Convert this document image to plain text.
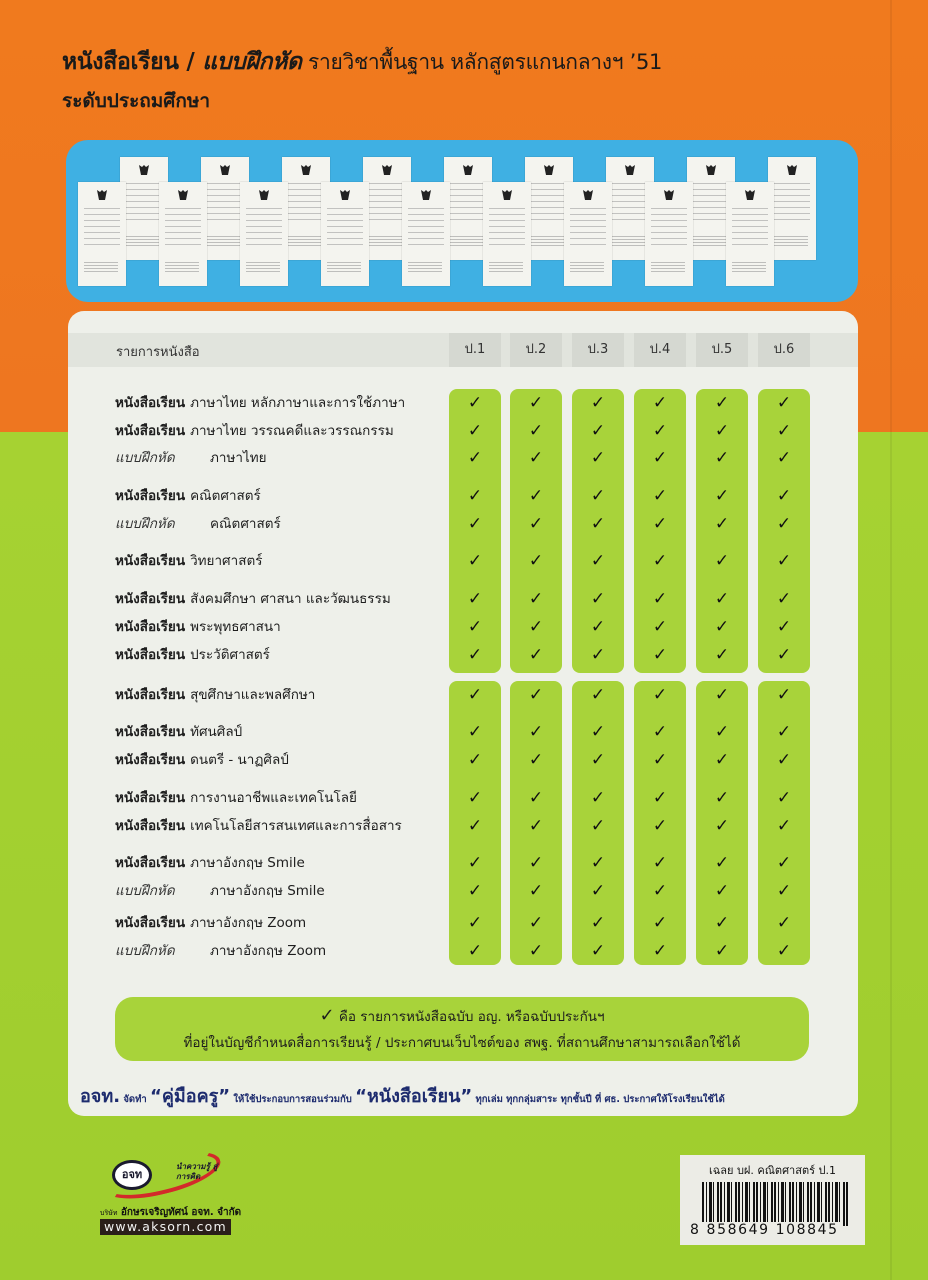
หนังสือเรียน / แบบฝึกหัด รายวิชาพื้นฐาน หลักสูตรแกนกลางฯ ’51
ระดับประถมศึกษา
รายการหนังสือ	ป.1	ป.2	ป.3	ป.4	ป.5	ป.6
✓ คือ รายการหนังสือฉบับ อญ. หรือฉบับประกันฯ
ที่อยู่ในบัญชีกำหนดสื่อการเรียนรู้ / ประกาศบนเว็บไซต์ของ สพฐ. ที่สถานศึกษาสามารถเลือกใช้ได้
อจท. จัดทำ “คู่มือครู” ให้ใช้ประกอบการสอนร่วมกับ “หนังสือเรียน” ทุกเล่ม ทุกกลุ่มสาระ ทุกชั้นปี ที่ ศธ. ประกาศให้โรงเรียนใช้ได้
หนังสือเรียน ภาษาไทย หลักภาษาและการใช้ภาษา	✓	✓	✓	✓	✓	✓
หนังสือเรียน ภาษาไทย วรรณคดีและวรรณกรรม	✓	✓	✓	✓	✓	✓
แบบฝึกหัด	ภาษาไทย	✓	✓	✓	✓	✓	✓
หนังสือเรียน คณิตศาสตร์	✓	✓	✓	✓	✓	✓
แบบฝึกหัด	คณิตศาสตร์	✓	✓	✓	✓	✓	✓
หนังสือเรียน วิทยาศาสตร์	✓	✓	✓	✓	✓	✓
หนังสือเรียน สังคมศึกษา ศาสนา และวัฒนธรรม	✓	✓	✓	✓	✓	✓
หนังสือเรียน พระพุทธศาสนา	✓	✓	✓	✓	✓	✓
หนังสือเรียน ประวัติศาสตร์	✓	✓	✓	✓	✓	✓
หนังสือเรียน สุขศึกษาและพลศึกษา	✓	✓	✓	✓	✓	✓
หนังสือเรียน ทัศนศิลป์	✓	✓	✓	✓	✓	✓
หนังสือเรียน ดนตรี - นาฏศิลป์	✓	✓	✓	✓	✓	✓
หนังสือเรียน การงานอาชีพและเทคโนโลยี	✓	✓	✓	✓	✓	✓
หนังสือเรียน เทคโนโลยีสารสนเทศและการสื่อสาร	✓	✓	✓	✓	✓	✓
หนังสือเรียน ภาษาอังกฤษ Smile	✓	✓	✓	✓	✓	✓
แบบฝึกหัด	ภาษาอังกฤษ Smile	✓	✓	✓	✓	✓	✓
หนังสือเรียน ภาษาอังกฤษ Zoom	✓	✓	✓	✓	✓	✓
แบบฝึกหัด	ภาษาอังกฤษ Zoom	✓	✓	✓	✓	✓	✓
อจท
นำความรู้ สู่การคิด
บริษัท อักษรเจริญทัศน์ อจท. จำกัด
www.aksorn.com
เฉลย บฝ. คณิตศาสตร์ ป.1
8 858649 108845
